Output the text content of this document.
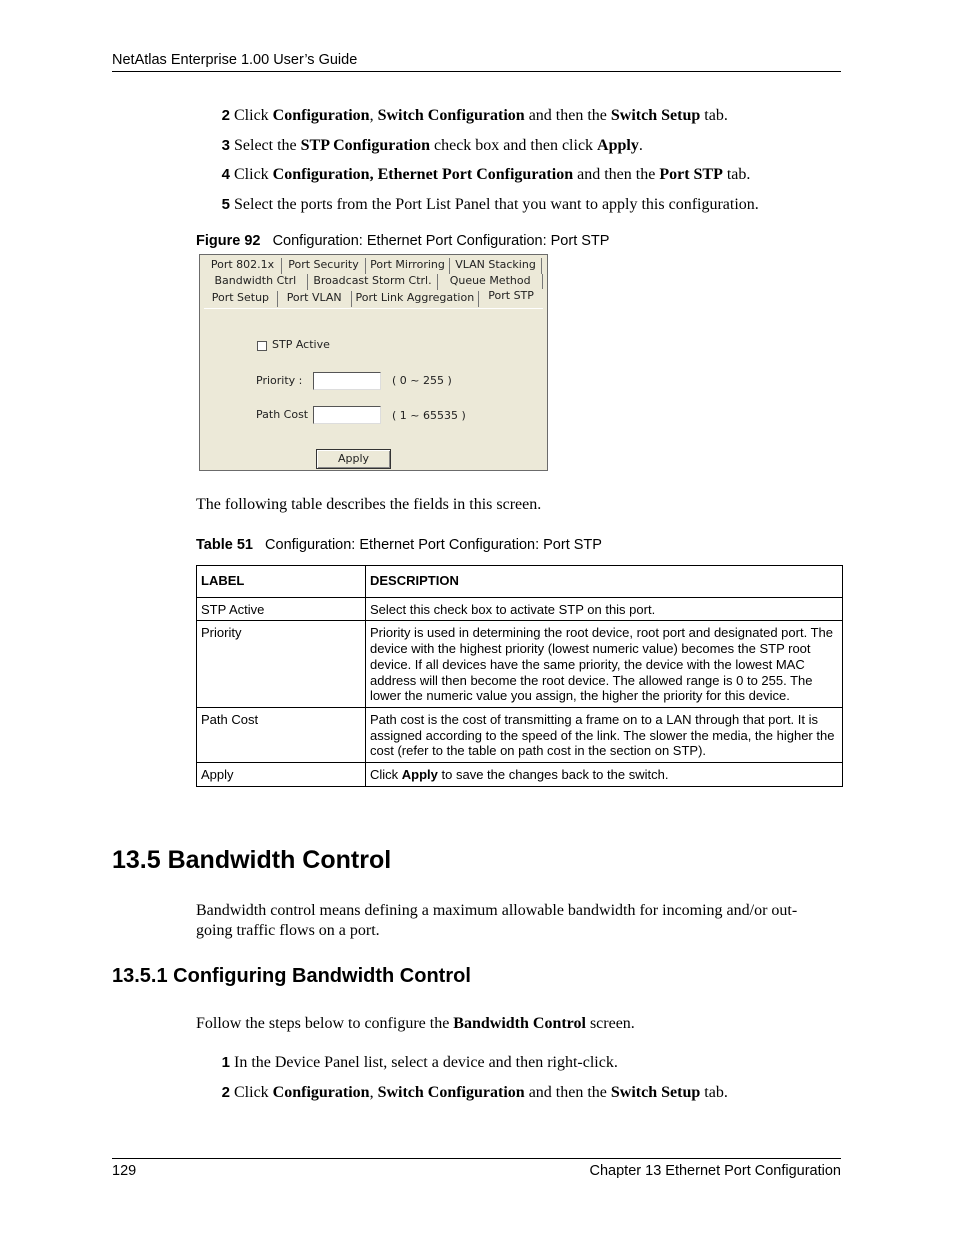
NetAtlas Enterprise 1.00 User’s Guide
2 Click Configuration, Switch Configuration and then the Switch Setup tab.
3 Select the STP Configuration check box and then click Apply.
4 Click Configuration, Ethernet Port Configuration and then the Port STP tab.
5 Select the ports from the Port List Panel that you want to apply this configuration.
Figure 92 Configuration: Ethernet Port Configuration: Port STP
Port 802.1x	Port Security	Port Mirroring VLAN Stacking
Bandwidth Ctrl	Broadcast Storm Ctrl.	Queue Method
Port Setup	Port VLAN	Port Link Aggregation	Port STP
STP Active
Priority :	( 0 ~ 255 )
Path Cost	( 1 ~ 65535 )
Apply
The following table describes the fields in this screen.
Table 51 Configuration: Ethernet Port Configuration: Port STP
LABEL	DESCRIPTION
STP Active	Select this check box to activate STP on this port.
Priority	Priority is used in determining the root device, root port and designated port. The device with the highest priority (lowest numeric value) becomes the STP root device. If all devices have the same priority, the device with the lowest MAC address will then become the root device. The allowed range is 0 to 255. The lower the numeric value you assign, the higher the priority for this device.
Path Cost	Path cost is the cost of transmitting a frame on to a LAN through that port. It is assigned according to the speed of the link. The slower the media, the higher the cost (refer to the table on path cost in the section on STP).
Apply	Click Apply to save the changes back to the switch.
13.5 Bandwidth Control
Bandwidth control means defining a maximum allowable bandwidth for incoming and/or out-
going traffic flows on a port.
13.5.1 Configuring Bandwidth Control
Follow the steps below to configure the Bandwidth Control screen.
1 In the Device Panel list, select a device and then right-click.
2 Click Configuration, Switch Configuration and then the Switch Setup tab.
129	Chapter 13 Ethernet Port Configuration
